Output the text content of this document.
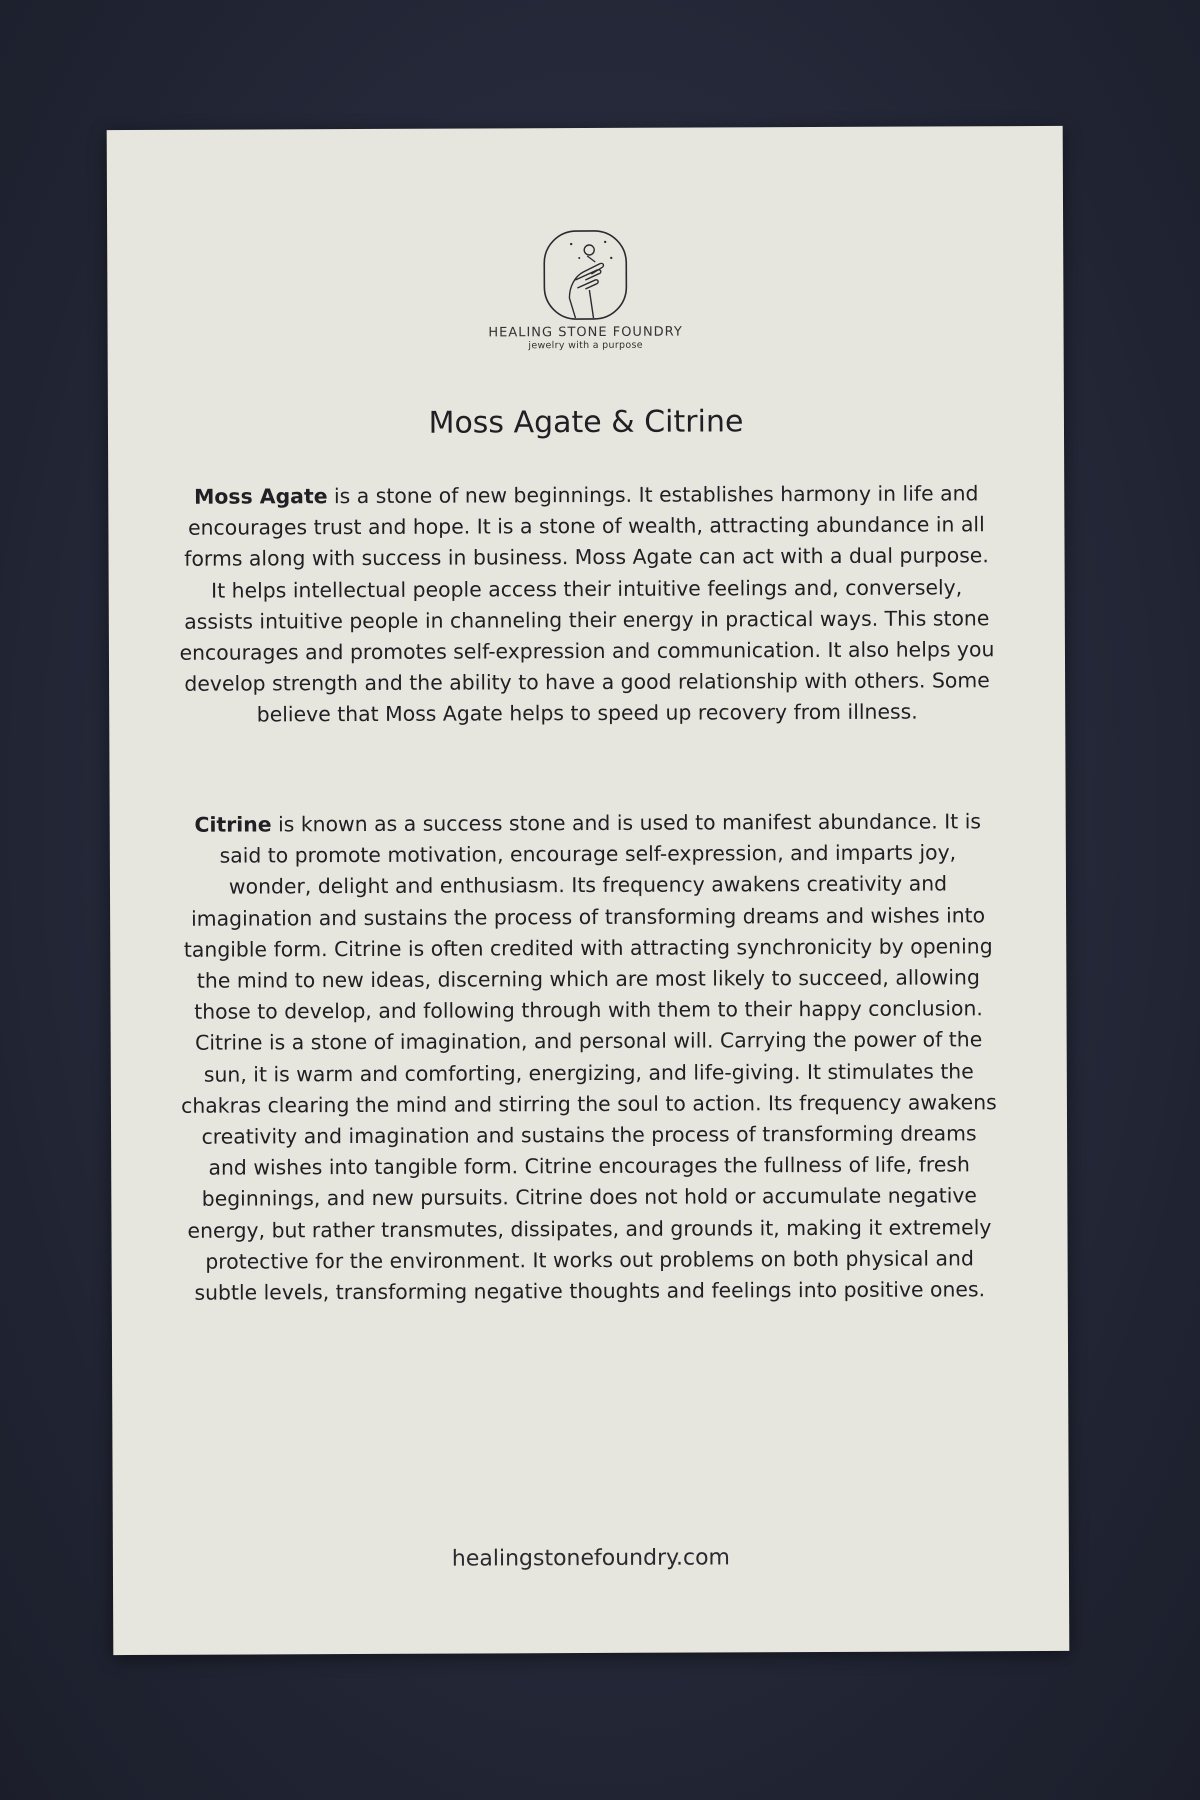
HEALING STONE FOUNDRY
jewelry with a purpose
Moss Agate & Citrine

Moss Agate is a stone of new beginnings. It establishes harmony in life and encourages trust and hope. It is a stone of wealth, attracting abundance in all forms along with success in business. Moss Agate can act with a dual purpose. It helps intellectual people access their intuitive feelings and, conversely, assists intuitive people in channeling their energy in practical ways. This stone encourages and promotes self-expression and communication. It also helps you develop strength and the ability to have a good relationship with others. Some believe that Moss Agate helps to speed up recovery from illness.

Citrine is known as a success stone and is used to manifest abundance. It is said to promote motivation, encourage self-expression, and imparts joy, wonder, delight and enthusiasm. Its frequency awakens creativity and imagination and sustains the process of transforming dreams and wishes into tangible form. Citrine is often credited with attracting synchronicity by opening the mind to new ideas, discerning which are most likely to succeed, allowing those to develop, and following through with them to their happy conclusion. Citrine is a stone of imagination, and personal will. Carrying the power of the sun, it is warm and comforting, energizing, and life-giving. It stimulates the chakras clearing the mind and stirring the soul to action. Its frequency awakens creativity and imagination and sustains the process of transforming dreams and wishes into tangible form. Citrine encourages the fullness of life, fresh beginnings, and new pursuits. Citrine does not hold or accumulate negative energy, but rather transmutes, dissipates, and grounds it, making it extremely protective for the environment. It works out problems on both physical and subtle levels, transforming negative thoughts and feelings into positive ones.

healingstonefoundry.com
